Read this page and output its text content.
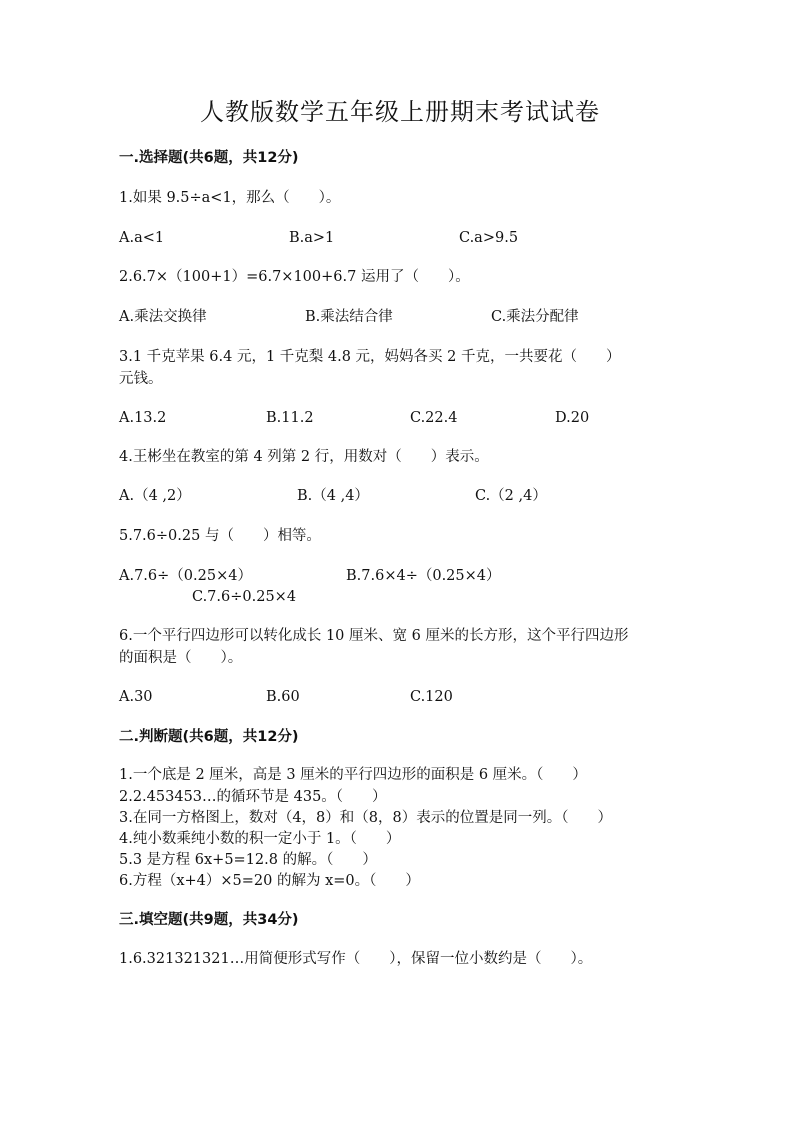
人教版数学五年级上册期末考试试卷
一.选择题(共6题，共12分)
1.如果 9.5÷a<1，那么（　　）。
A.a<1	B.a>1	C.a>9.5
2.6.7×（100+1）=6.7×100+6.7 运用了（　　）。
A.乘法交换律	B.乘法结合律	C.乘法分配律
3.1 千克苹果 6.4 元，1 千克梨 4.8 元，妈妈各买 2 千克，一共要花（　　）
元钱。
A.13.2	B.11.2	C.22.4	D.20
4.王彬坐在教室的第 4 列第 2 行，用数对（　　）表示。
A.（4 ,2）	B.（4 ,4）	C.（2 ,4）
5.7.6÷0.25 与（　　）相等。
A.7.6÷（0.25×4）	B.7.6×4÷（0.25×4）
C.7.6÷0.25×4
6.一个平行四边形可以转化成长 10 厘米、宽 6 厘米的长方形，这个平行四边形
的面积是（　　）。
A.30	B.60	C.120
二.判断题(共6题，共12分)
1.一个底是 2 厘米，高是 3 厘米的平行四边形的面积是 6 厘米。（　　）
2.2.453453…的循环节是 435。（　　）
3.在同一方格图上，数对（4，8）和（8，8）表示的位置是同一列。（　　）
4.纯小数乘纯小数的积一定小于 1。（　　）
5.3 是方程 6x+5=12.8 的解。（　　）
6.方程（x+4）×5=20 的解为 x=0。（　　）
三.填空题(共9题，共34分)
1.6.321321321…用简便形式写作（　　），保留一位小数约是（　　）。
